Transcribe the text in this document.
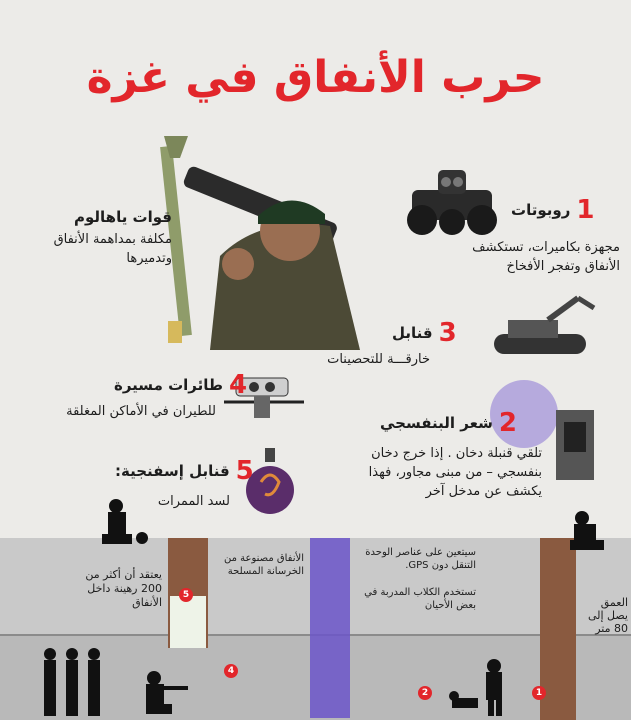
حرب الأنفاق في غزة
1
روبوتات
مجهزة بكاميرات، تستكشف الأنفاق وتفجر الأفخاخ
2
شعر البنفسجي
تلقي قنبلة دخان . إذا خرج دخان بنفسجي – من مبنى مجاور، فهذا يكشف عن مدخل آخر
3
قنابل
خارقـــة للتحصينات
4
طائرات مسيرة
للطيران في الأماكن المغلقة
5
قنابل إسفنجية:
لسد الممرات
قوات ياهالوم
مكلفة بمداهمة الأنفاق وتدميرها
5
4
2	1
يعتقد أن أكثر من 200 رهينة داخل الأنفاق
الأنفاق مصنوعة من الخرسانة المسلحة
سيتعين على عناصر الوحدة التنقل دون GPS.
تستخدم الكلاب المدربة في بعض الأحيان	العمق يصل إلى 80 متر
